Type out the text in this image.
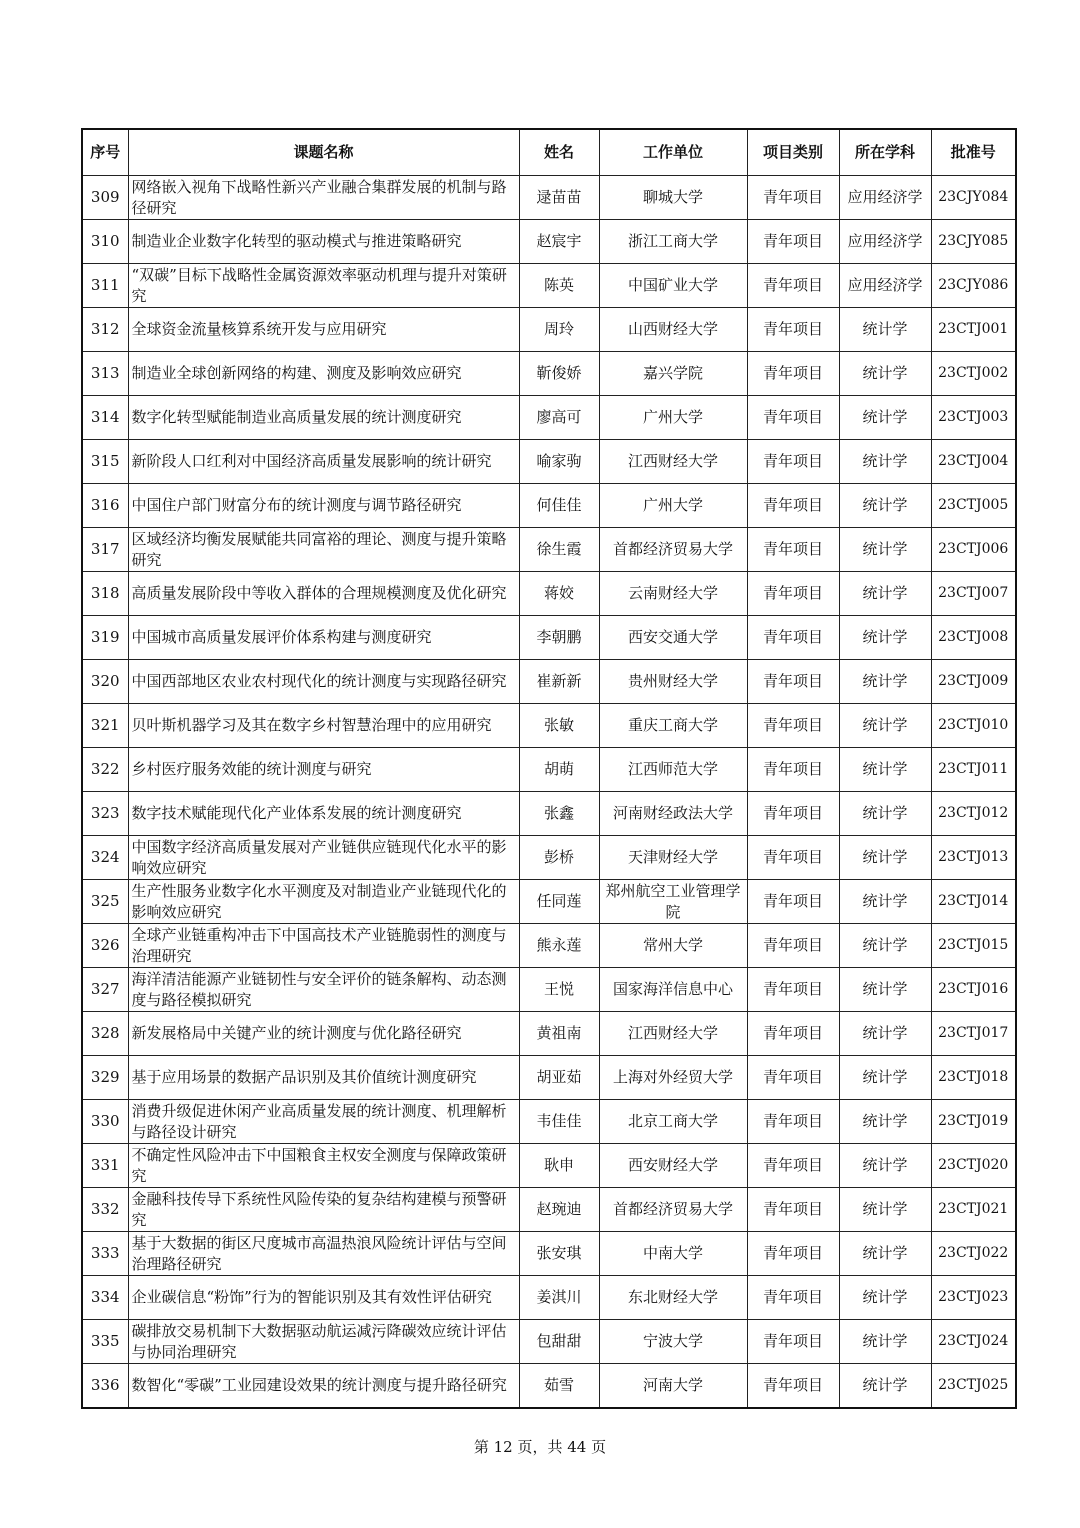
序号	课题名称	姓名	工作单位	项目类别	所在学科	批准号
309	网络嵌入视角下战略性新兴产业融合集群发展的机制与路径研究	逯苗苗	聊城大学	青年项目	应用经济学	23CJY084
310	制造业企业数字化转型的驱动模式与推进策略研究	赵宸宇	浙江工商大学	青年项目	应用经济学	23CJY085
311	“双碳”目标下战略性金属资源效率驱动机理与提升对策研究	陈英	中国矿业大学	青年项目	应用经济学	23CJY086
312	全球资金流量核算系统开发与应用研究	周玲	山西财经大学	青年项目	统计学	23CTJ001
313	制造业全球创新网络的构建、测度及影响效应研究	靳俊娇	嘉兴学院	青年项目	统计学	23CTJ002
314	数字化转型赋能制造业高质量发展的统计测度研究	廖高可	广州大学	青年项目	统计学	23CTJ003
315	新阶段人口红利对中国经济高质量发展影响的统计研究	喻家驹	江西财经大学	青年项目	统计学	23CTJ004
316	中国住户部门财富分布的统计测度与调节路径研究	何佳佳	广州大学	青年项目	统计学	23CTJ005
317	区域经济均衡发展赋能共同富裕的理论、测度与提升策略研究	徐生霞	首都经济贸易大学	青年项目	统计学	23CTJ006
318	高质量发展阶段中等收入群体的合理规模测度及优化研究	蒋姣	云南财经大学	青年项目	统计学	23CTJ007
319	中国城市高质量发展评价体系构建与测度研究	李朝鹏	西安交通大学	青年项目	统计学	23CTJ008
320	中国西部地区农业农村现代化的统计测度与实现路径研究	崔新新	贵州财经大学	青年项目	统计学	23CTJ009
321	贝叶斯机器学习及其在数字乡村智慧治理中的应用研究	张敏	重庆工商大学	青年项目	统计学	23CTJ010
322	乡村医疗服务效能的统计测度与研究	胡萌	江西师范大学	青年项目	统计学	23CTJ011
323	数字技术赋能现代化产业体系发展的统计测度研究	张鑫	河南财经政法大学	青年项目	统计学	23CTJ012
324	中国数字经济高质量发展对产业链供应链现代化水平的影响效应研究	彭桥	天津财经大学	青年项目	统计学	23CTJ013
325	生产性服务业数字化水平测度及对制造业产业链现代化的影响效应研究	任同莲	郑州航空工业管理学院	青年项目	统计学	23CTJ014
326	全球产业链重构冲击下中国高技术产业链脆弱性的测度与治理研究	熊永莲	常州大学	青年项目	统计学	23CTJ015
327	海洋清洁能源产业链韧性与安全评价的链条解构、动态测度与路径模拟研究	王悦	国家海洋信息中心	青年项目	统计学	23CTJ016
328	新发展格局中关键产业的统计测度与优化路径研究	黄祖南	江西财经大学	青年项目	统计学	23CTJ017
329	基于应用场景的数据产品识别及其价值统计测度研究	胡亚茹	上海对外经贸大学	青年项目	统计学	23CTJ018
330	消费升级促进休闲产业高质量发展的统计测度、机理解析与路径设计研究	韦佳佳	北京工商大学	青年项目	统计学	23CTJ019
331	不确定性风险冲击下中国粮食主权安全测度与保障政策研究	耿申	西安财经大学	青年项目	统计学	23CTJ020
332	金融科技传导下系统性风险传染的复杂结构建模与预警研究	赵琬迪	首都经济贸易大学	青年项目	统计学	23CTJ021
333	基于大数据的街区尺度城市高温热浪风险统计评估与空间治理路径研究	张安琪	中南大学	青年项目	统计学	23CTJ022
334	企业碳信息“粉饰”行为的智能识别及其有效性评估研究	姜淇川	东北财经大学	青年项目	统计学	23CTJ023
335	碳排放交易机制下大数据驱动航运减污降碳效应统计评估与协同治理研究	包甜甜	宁波大学	青年项目	统计学	23CTJ024
336	数智化“零碳”工业园建设效果的统计测度与提升路径研究	茹雪	河南大学	青年项目	统计学	23CTJ025
第 12 页，共 44 页
